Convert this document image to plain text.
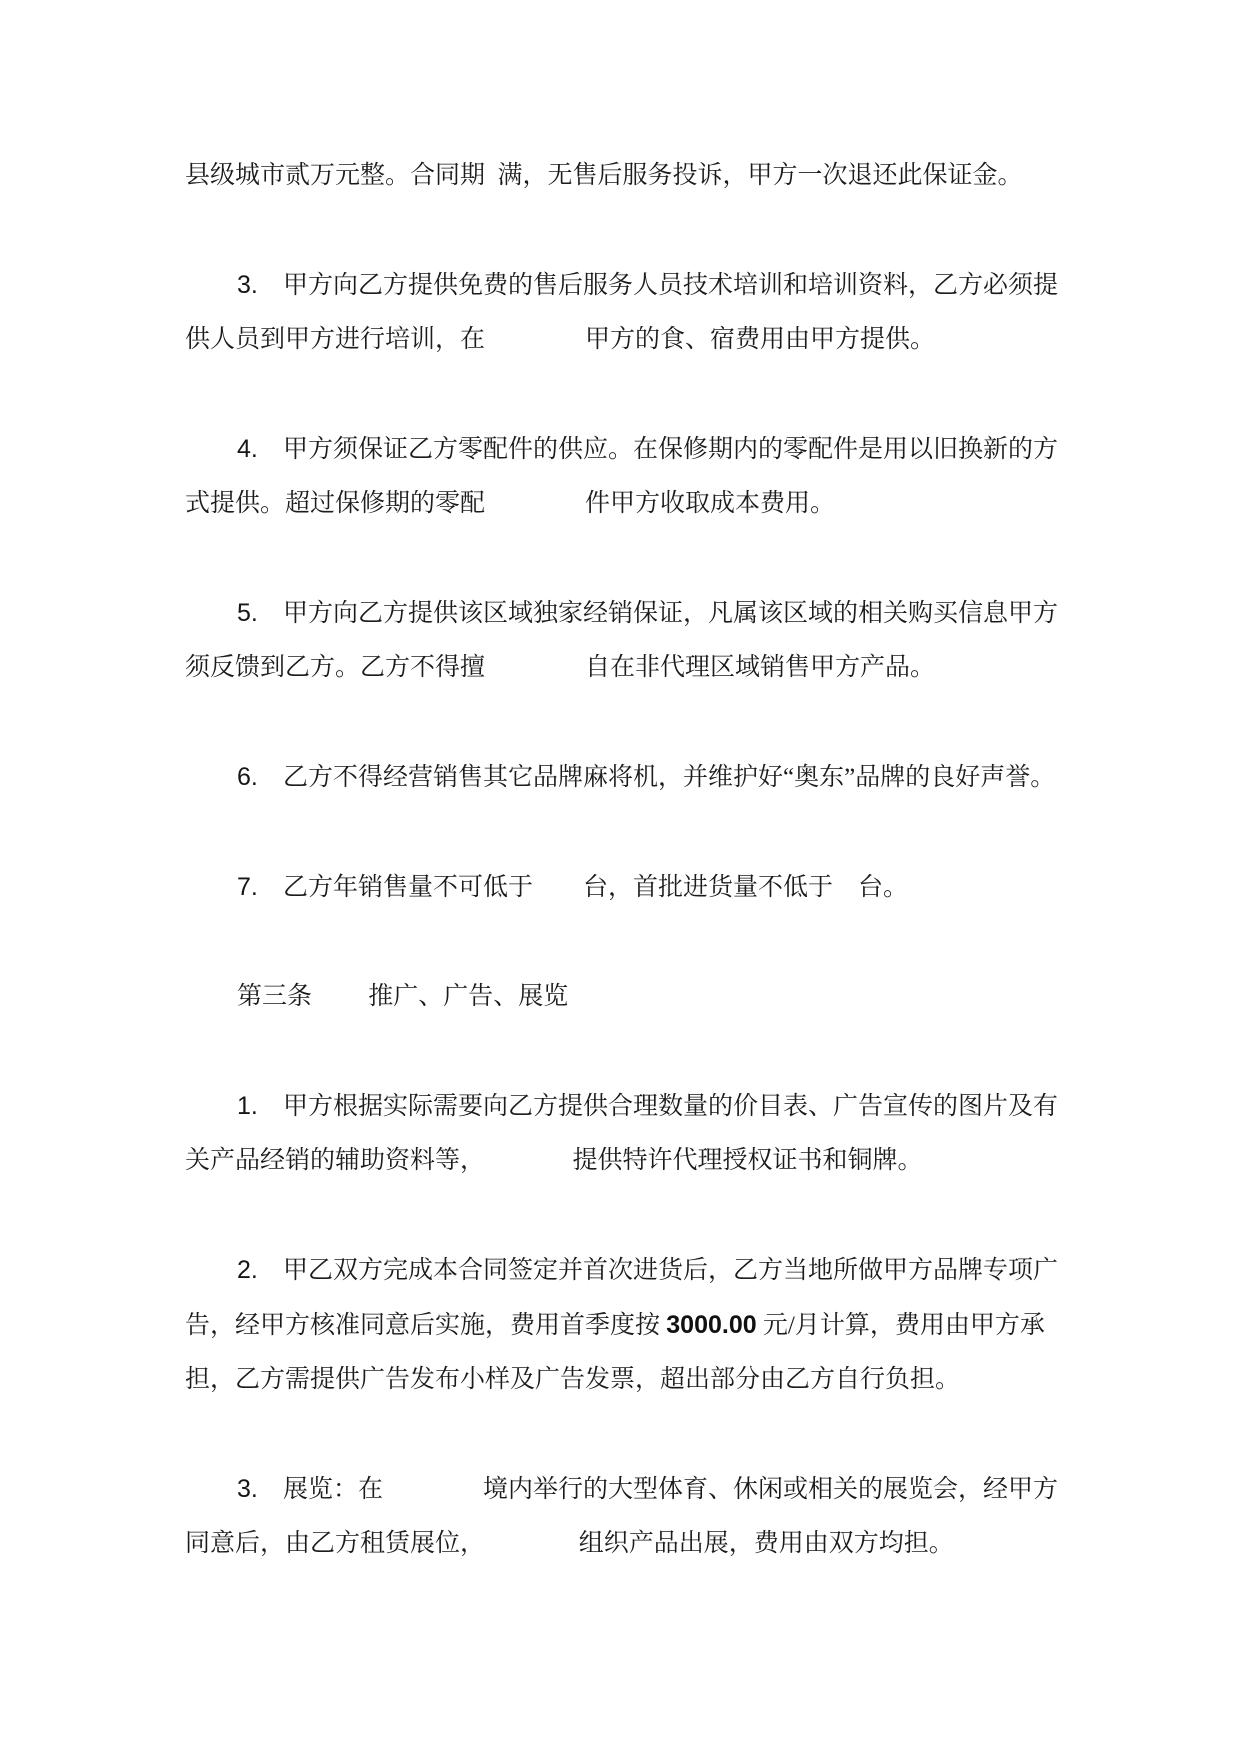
县级城市贰万元整。合同期  满，无售后服务投诉，甲方一次退还此保证金。
3. 甲方向乙方提供免费的售后服务人员技术培训和培训资料，乙方必须提
供人员到甲方进行培训，在　　　　甲方的食、宿费用由甲方提供。
4. 甲方须保证乙方零配件的供应。在保修期内的零配件是用以旧换新的方
式提供。超过保修期的零配　　　　件甲方收取成本费用。
5. 甲方向乙方提供该区域独家经销保证，凡属该区域的相关购买信息甲方
须反馈到乙方。乙方不得擅　　　　自在非代理区域销售甲方产品。
6. 乙方不得经营销售其它品牌麻将机，并维护好“奥东”品牌的良好声誉。
7. 乙方年销售量不可低于　　台，首批进货量不低于　台。
第三条　　 推广、广告、展览
1. 甲方根据实际需要向乙方提供合理数量的价目表、广告宣传的图片及有
关产品经销的辅助资料等，　　　　提供特许代理授权证书和铜牌。
2. 甲乙双方完成本合同签定并首次进货后，乙方当地所做甲方品牌专项广
告，经甲方核准同意后实施，费用首季度按 3000.00 元/月计算，费用由甲方承
担，乙方需提供广告发布小样及广告发票，超出部分由乙方自行负担。
3. 展览：在　　　　境内举行的大型体育、休闲或相关的展览会，经甲方
同意后，由乙方租赁展位，　　　　 组织产品出展，费用由双方均担。
